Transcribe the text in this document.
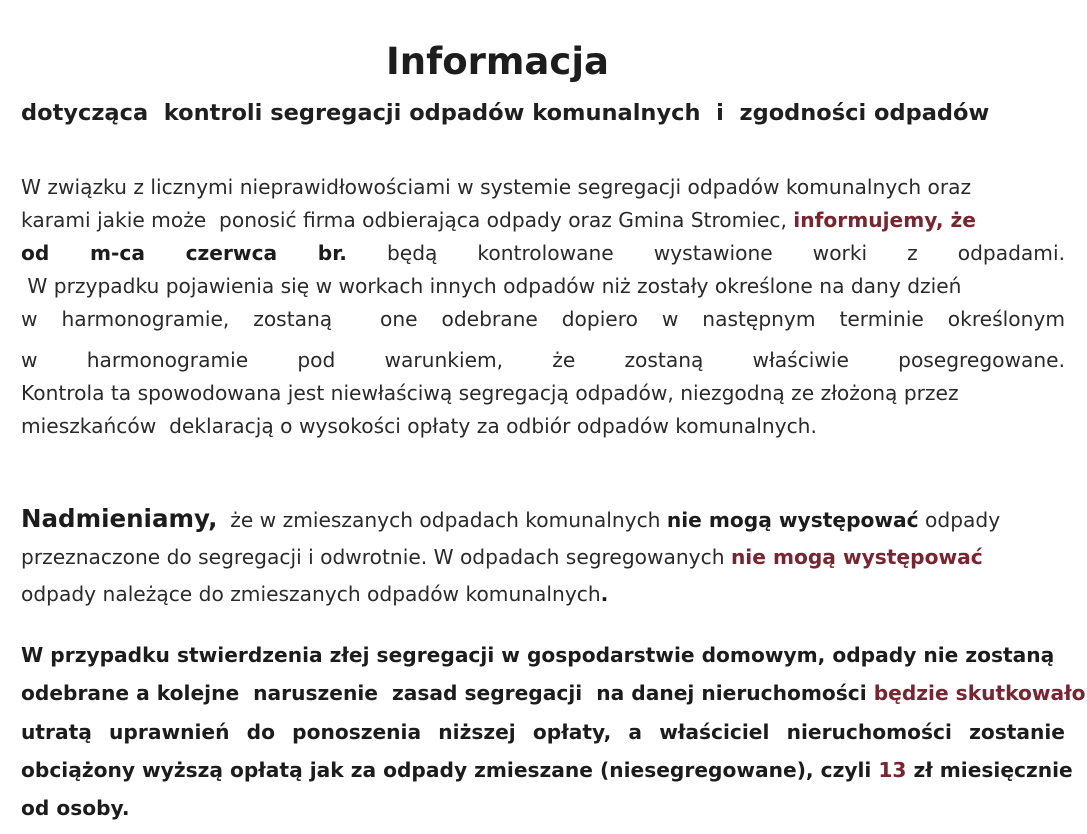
Informacja
dotycząca  kontroli segregacji odpadów komunalnych  i  zgodności odpadów
W związku z licznymi nieprawidłowościami w systemie segregacji odpadów komunalnych oraz
karami jakie może  ponosić firma odbierająca odpady oraz Gmina Stromiec, informujemy, że
od m-ca czerwca br. będą kontrolowane wystawione worki z odpadami.
W przypadku pojawienia się w workach innych odpadów niż zostały określone na dany dzień
w harmonogramie, zostaną  one odebrane dopiero w następnym terminie określonym
w harmonogramie pod warunkiem, że zostaną właściwie posegregowane.
Kontrola ta spowodowana jest niewłaściwą segregacją odpadów, niezgodną ze złożoną przez
mieszkańców  deklaracją o wysokości opłaty za odbiór odpadów komunalnych.
Nadmieniamy,  że w zmieszanych odpadach komunalnych nie mogą występować odpady
przeznaczone do segregacji i odwrotnie. W odpadach segregowanych nie mogą występować
odpady należące do zmieszanych odpadów komunalnych.
W przypadku stwierdzenia złej segregacji w gospodarstwie domowym, odpady nie zostaną
odebrane a kolejne  naruszenie  zasad segregacji  na danej nieruchomości będzie skutkowało
utratą uprawnień do ponoszenia niższej opłaty, a właściciel nieruchomości zostanie
obciążony wyższą opłatą jak za odpady zmieszane (niesegregowane), czyli 13 zł miesięcznie
od osoby.
